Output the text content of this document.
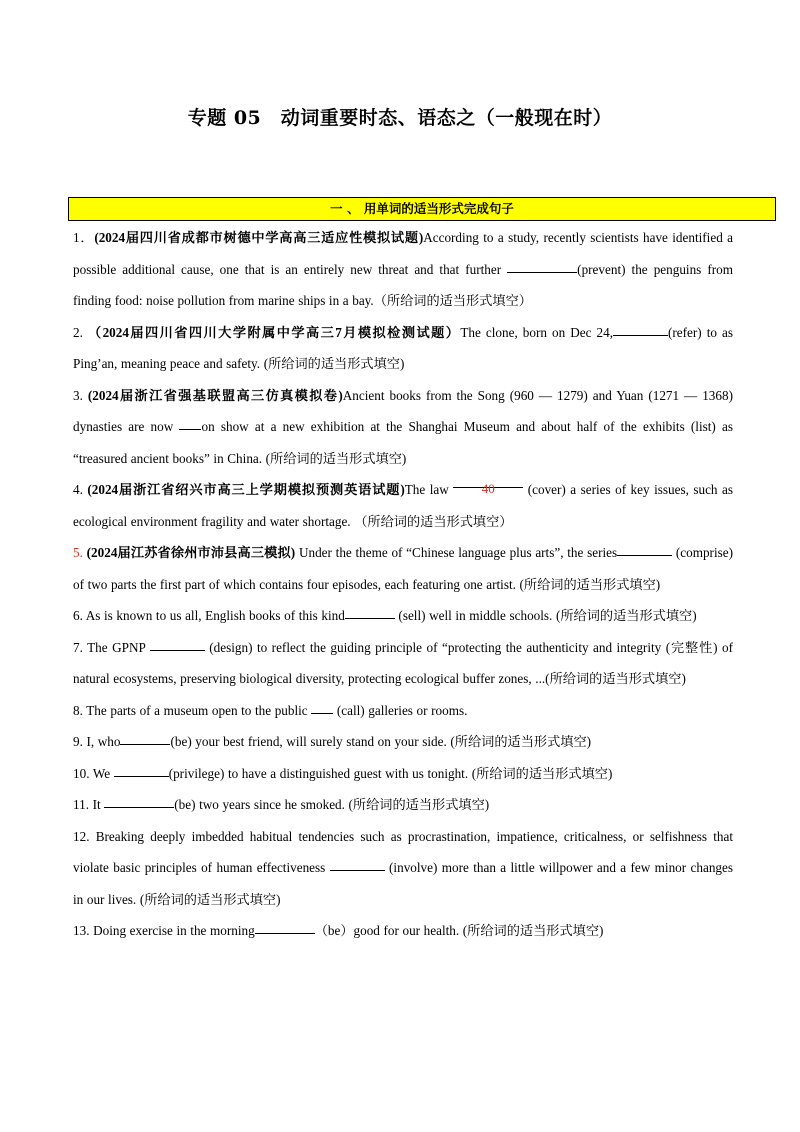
专题 05　动词重要时态、语态之（一般现在时）
一 、 用单词的适当形式完成句子

1．(2024届四川省成都市树德中学高高三适应性模拟试题)According to a study, recently scientists have identified a possible additional cause, one that is an entirely new threat and that further	(prevent) the penguins from finding food: noise pollution from marine ships in a bay.（所给词的适当形式填空）

2. （2024届四川省四川大学附属中学高三7月模拟检测试题）The clone, born on Dec 24,	(refer) to as Ping’an, meaning peace and safety. (所给词的适当形式填空)

3. (2024届浙江省强基联盟高三仿真模拟卷)Ancient books from the Song (960 — 1279) and Yuan (1271 — 1368) dynasties are now on show at a new exhibition at the Shanghai Museum and about half of the exhibits (list) as “treasured ancient books” in China. (所给词的适当形式填空)

4. (2024届浙江省绍兴市高三上学期模拟预测英语试题)The law 40 (cover) a series of key issues, such as ecological environment fragility and water shortage. （所给词的适当形式填空）

5. (2024届江苏省徐州市沛县高三模拟) Under the theme of “Chinese language plus arts”, the series	(comprise) of two parts the first part of which contains four episodes, each featuring one artist. (所给词的适当形式填空)

6. As is known to us all, English books of this kind	(sell) well in middle schools. (所给词的适当形式填空)

7. The GPNP	(design) to reflect the guiding principle of “protecting the authenticity and integrity (完整性) of natural ecosystems, preserving biological diversity, protecting ecological buffer zones, ...(所给词的适当形式填空)

8. The parts of a museum open to the public  (call) galleries or rooms.

9. I, who	(be) your best friend, will surely stand on your side. (所给词的适当形式填空)

10. We	(privilege) to have a distinguished guest with us tonight. (所给词的适当形式填空)

11. It	(be) two years since he smoked. (所给词的适当形式填空)

12. Breaking deeply imbedded habitual tendencies such as procrastination, impatience, criticalness, or selfishness that violate basic principles of human effectiveness	(involve) more than a little willpower and a few minor changes in our lives. (所给词的适当形式填空)

13. Doing exercise in the morning	（be）good for our health. (所给词的适当形式填空)
